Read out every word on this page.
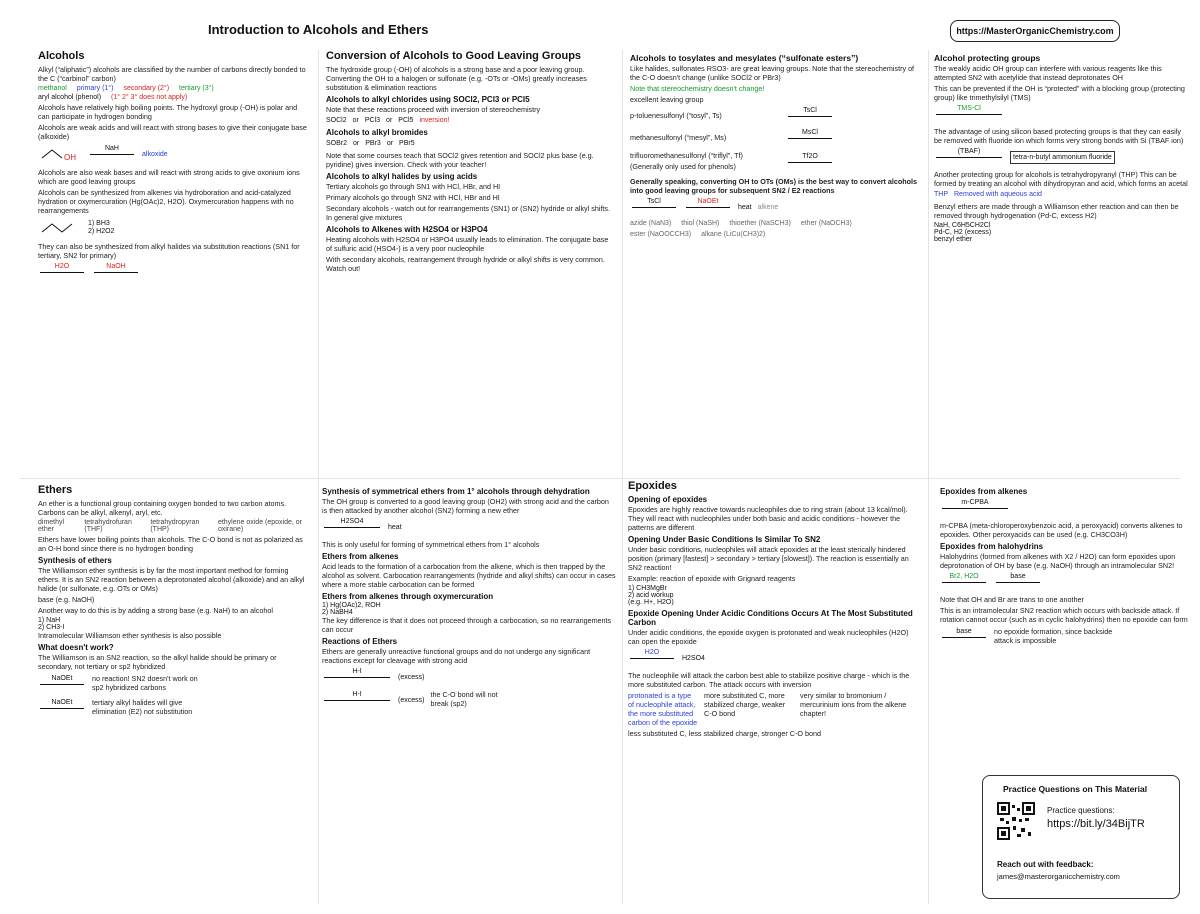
Introduction to Alcohols and Ethers	https://MasterOrganicChemistry.com
Alcohols

Alkyl (“aliphatic”) alcohols are classified by the number of carbons directly bonded to the C (“carbinol” carbon)

methanol primary (1°) secondary (2°) tertiary (3°)
aryl alcohol (phenol) (1° 2° 3° does not apply)

Alcohols have relatively high boiling points. The hydroxyl group (-OH) is polar and can participate in hydrogen bonding

Alcohols are weak acids and will react with strong bases to give their conjugate base (alkoxide)

OH
NaH
alkoxide

Alcohols are also weak bases and will react with strong acids to give oxonium ions which are good leaving groups

Alcohols can be synthesized from alkenes via hydroboration and acid-catalyzed hydration or oxymercuration (Hg(OAc)2, H2O). Oxymercuration happens with no rearrangements

1) BH3
2) H2O2

They can also be synthesized from alkyl halides via substitution reactions (SN1 for tertiary, SN2 for primary)

H2O	NaOH
Conversion of Alcohols to Good Leaving Groups

The hydroxide group (-OH) of alcohols is a strong base and a poor leaving group. Converting the OH to a halogen or sulfonate (e.g. -OTs or -OMs) greatly increases substitution & elimination reactions

Alcohols to alkyl chlorides using SOCl2, PCl3 or PCl5

Note that these reactions proceed with inversion of stereochemistry

SOCl2 or PCl3 or PCl5 inversion!
Alcohols to alkyl bromides
SOBr2 or PBr3 or PBr5

Note that some courses teach that SOCl2 gives retention and SOCl2 plus base (e.g. pyridine) gives inversion. Check with your teacher!

Alcohols to alkyl halides by using acids

Tertiary alcohols go through SN1 with HCl, HBr, and HI

Primary alcohols go through SN2 with HCl, HBr and HI

Secondary alcohols - watch out for rearrangements (SN1) or (SN2) hydride or alkyl shifts. In general give mixtures

Alcohols to Alkenes with H2SO4 or H3PO4

Heating alcohols with H2SO4 or H3PO4 usually leads to elimination. The conjugate base of sulfuric acid (HSO4-) is a very poor nucleophile

With secondary alcohols, rearrangement through hydride or alkyl shifts is very common. Watch out!

Alcohols to tosylates and mesylates (“sulfonate esters”)

Like halides, sulfonates RSO3- are great leaving groups. Note that the stereochemistry of the C-O doesn't change (unlike SOCl2 or PBr3)

Note that stereochemistry doesn't change!

excellent leaving group

p-toluenesulfonyl (“tosyl”, Ts)
TsCl
methanesulfonyl (“mesyl”, Ms)
MsCl
trifluoromethanesulfonyl (“triflyl”, Tf)
(Generally only used for phenols)
Tf2O

Generally speaking, converting OH to OTs (OMs) is the best way to convert alcohols into good leaving groups for subsequent SN2 / E2 reactions

TsCl	NaOEt
heat alkene
azide (NaN3) thiol (NaSH) thioether (NaSCH3) ether (NaOCH3)
ester (NaOOCCH3) alkane (LiCu(CH3)2)
Alcohol protecting groups

The weakly acidic OH group can interfere with various reagents like this attempted SN2 with acetylide that instead deprotonates OH

This can be prevented if the OH is “protected” with a blocking group (protecting group) like trimethylsilyl (TMS)

TMS-Cl

The advantage of using silicon based protecting groups is that they can easily be removed with fluoride ion which forms very strong bonds with Si (TBAF ion)

(TBAF)
tetra-n-butyl ammonium fluoride

Another protecting group for alcohols is tetrahydropyranyl (THP) This can be formed by treating an alcohol with dihydropyran and acid, which forms an acetal

THP Removed with aqueous acid

Benzyl ethers are made through a Williamson ether reaction and can then be removed through hydrogenation (Pd-C, excess H2)

NaH, C6H5CH2Cl
Pd-C, H2 (excess)
benzyl ether
Ethers

An ether is a functional group containing oxygen bonded to two carbon atoms. Carbons can be alkyl, alkenyl, aryl, etc.

dimethyl ether
tetrahydrofuran (THF)
tetrahydropyran (THP)
ethylene oxide (epoxide, or oxirane)

Ethers have lower boiling points than alcohols. The C-O bond is not as polarized as an O-H bond since there is no hydrogen bonding

Synthesis of ethers

The Williamson ether synthesis is by far the most important method for forming ethers. It is an SN2 reaction between a deprotonated alcohol (alkoxide) and an alkyl halide (or sulfonate, e.g. OTs or OMs)

base (e.g. NaOH)

Another way to do this is by adding a strong base (e.g. NaH) to an alcohol

1) NaH
2) CH3-I

Intramolecular Williamson ether synthesis is also possible

What doesn't work?

The Williamson is an SN2 reaction, so the alkyl halide should be primary or secondary, not tertiary or sp2 hybridized

NaOEt	no reaction! SN2 doesn't work on sp2 hybridized carbons
NaOEt	tertiary alkyl halides will give elimination (E2) not substitution
Synthesis of symmetrical ethers from 1° alcohols through dehydration

The OH group is converted to a good leaving group (OH2) with strong acid and the carbon is then attacked by another alcohol (SN2) forming a new ether

H2SO4
heat

This is only useful for forming of symmetrical ethers from 1° alcohols

Ethers from alkenes

Acid leads to the formation of a carbocation from the alkene, which is then trapped by the alcohol as solvent. Carbocation rearrangements (hydride and alkyl shifts) can occur in cases where a more stable carbocation can be formed

Ethers from alkenes through oxymercuration
1) Hg(OAc)2, ROH
2) NaBH4

The key difference is that it does not proceed through a carbocation, so no rearrangements can occur

Reactions of Ethers

Ethers are generally unreactive functional groups and do not undergo any significant reactions except for cleavage with strong acid

H-I
(excess)
H-I
(excess)
the C-O bond will not break (sp2)
Epoxides
Opening of epoxides

Epoxides are highly reactive towards nucleophiles due to ring strain (about 13 kcal/mol). They will react with nucleophiles under both basic and acidic conditions - however the patterns are different

Opening Under Basic Conditions Is Similar To SN2

Under basic conditions, nucleophiles will attack epoxides at the least sterically hindered position (primary [fastest] > secondary > tertiary [slowest]). The reaction is essentially an SN2 reaction!

Example: reaction of epoxide with Grignard reagents

1) CH3MgBr
2) acid workup
(e.g. H+, H2O)
Epoxide Opening Under Acidic Conditions Occurs At The Most Substituted Carbon

Under acidic conditions, the epoxide oxygen is protonated and weak nucleophiles (H2O) can open the epoxide

H2O
H2SO4

The nucleophile will attack the carbon best able to stabilize positive charge - which is the more substituted carbon. The attack occurs with inversion

protonated is a type of nucleophile attack, the more substituted carbon of the epoxide
more substituted C, more stabilized charge, weaker C-O bond
very similar to bromonium / mercurinium ions from the alkene chapter!

less substituted C, less stabilized charge, stronger C-O bond

Epoxides from alkenes
m-CPBA

m-CPBA (meta-chloroperoxybenzoic acid, a peroxyacid) converts alkenes to epoxides. Other peroxyacids can be used (e.g. CH3CO3H)

Epoxides from halohydrins

Halohydrins (formed from alkenes with X2 / H2O) can form epoxides upon deprotonation of OH by base (e.g. NaOH) through an intramolecular SN2!

Br2, H2O	base

Note that OH and Br are trans to one another

This is an intramolecular SN2 reaction which occurs with backside attack. If rotation cannot occur (such as in cyclic halohydrins) then no epoxide can form

base	no epoxide formation, since backside attack is impossible
Practice Questions on This Material
Practice questions:
https://bit.ly/34BijTR
Reach out with feedback:
james@masterorganicchemistry.com
